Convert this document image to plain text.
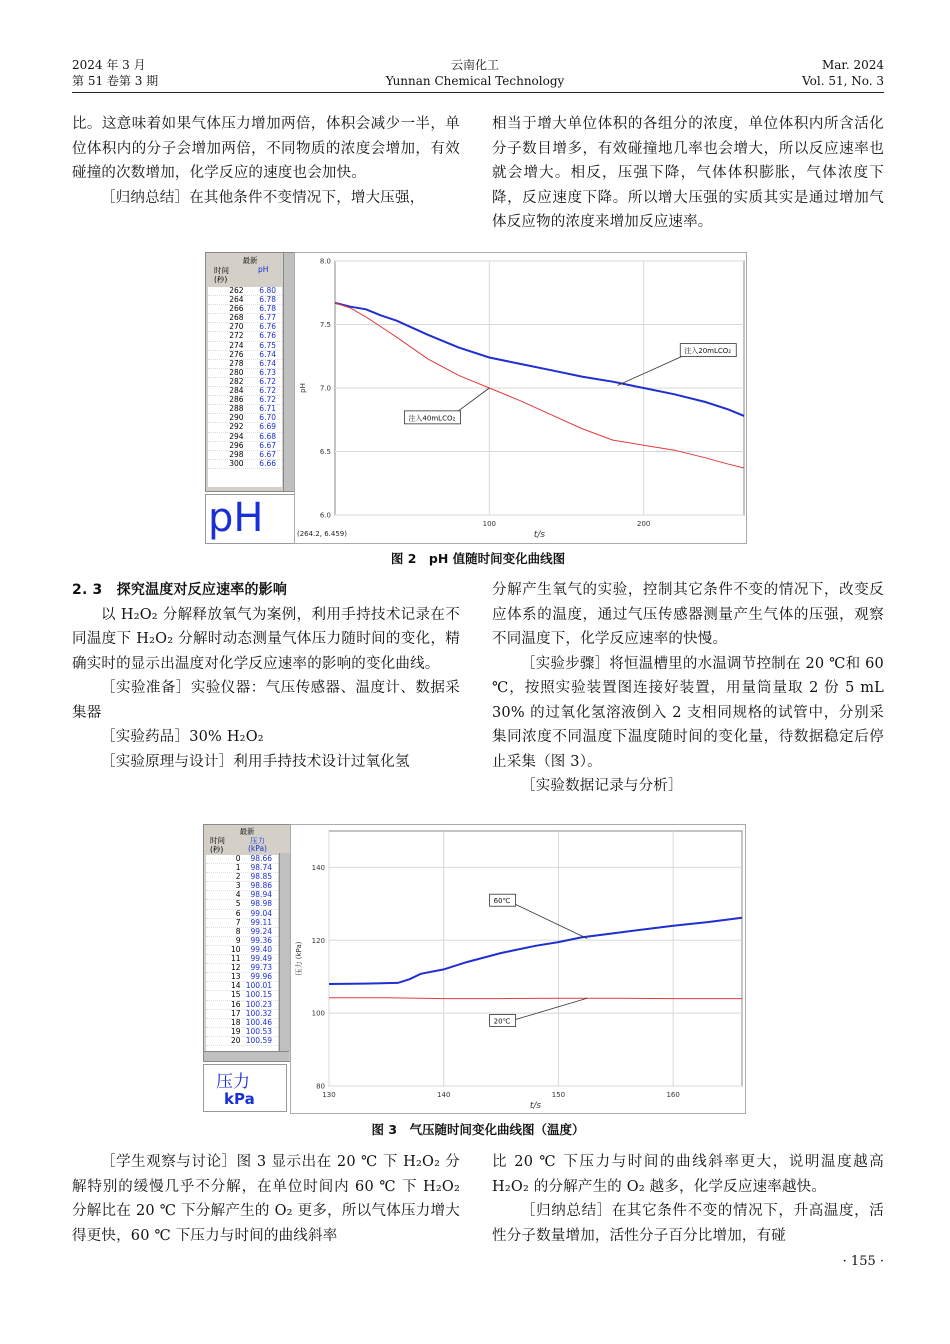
2024 年 3 月
第 51 卷第 3 期
云南化工
Yunnan Chemical Technology
Mar. 2024
Vol. 51, No. 3

比。这意味着如果气体压力增加两倍，体积会减少一半，单位体积内的分子会增加两倍，不同物质的浓度会增加，有效碰撞的次数增加，化学反应的速度也会加快。

［归纳总结］在其他条件不变情况下，增大压强，

相当于增大单位体积的各组分的浓度，单位体积内所含活化分子数目增多，有效碰撞地几率也会增大，所以反应速率也就会增大。相反，压强下降，气体体积膨胀，气体浓度下降，反应速度下降。所以增大压强的实质其实是通过增加气体反应物的浓度来增加反应速率。

最新
时间
(秒)
pH
262 6.80
264 6.78
266 6.78
268 6.77
270 6.76
272 6.76
274 6.75
276 6.74
278 6.74
280 6.73
282 6.72
284 6.72
286 6.72
288 6.71
290 6.70
292 6.69
294 6.68
296 6.67
298 6.67
300 6.66
pH	100	200
6.0
6.5
7.0
7.5
8.0
t/s
pH
注入20mLCO₂
注入40mLCO₂
(264.2, 6.459)
图 2　pH 值随时间变化曲线图

2. 3　探究温度对反应速率的影响

以 H₂O₂ 分解释放氧气为案例，利用手持技术记录在不同温度下 H₂O₂ 分解时动态测量气体压力随时间的变化，精确实时的显示出温度对化学反应速率的影响的变化曲线。

［实验准备］实验仪器：气压传感器、温度计、数据采集器

［实验药品］30% H₂O₂

［实验原理与设计］利用手持技术设计过氧化氢

分解产生氧气的实验，控制其它条件不变的情况下，改变反应体系的温度，通过气压传感器测量产生气体的压强，观察不同温度下，化学反应速率的快慢。

［实验步骤］将恒温槽里的水温调节控制在 20 ℃和 60 ℃，按照实验装置图连接好装置，用量筒量取 2 份 5 mL 30% 的过氧化氢溶液倒入 2 支相同规格的试管中，分别采集同浓度不同温度下温度随时间的变化量，待数据稳定后停止采集（图 3）。

［实验数据记录与分析］

最新
时间
(秒)
压力
(kPa)
0 98.66
1 98.74
2 98.85
3 98.86
4 98.94
5 98.98
6 99.04
7 99.11
8 99.24
9 99.36
10 99.40
11 99.49
12 99.73
13 99.96
14 100.01
15 100.15
16 100.23
17 100.32
18 100.46
19 100.53
20 100.59
压力
kPa	130	140	150	160
80
100
120
140
t/s
压力 (kPa)
60℃
20℃
图 3　气压随时间变化曲线图（温度）

［学生观察与讨论］图 3 显示出在 20 ℃ 下 H₂O₂ 分解特别的缓慢几乎不分解，在单位时间内 60 ℃ 下 H₂O₂ 分解比在 20 ℃ 下分解产生的 O₂ 更多，所以气体压力增大得更快，60 ℃ 下压力与时间的曲线斜率

比 20 ℃ 下压力与时间的曲线斜率更大，说明温度越高 H₂O₂ 的分解产生的 O₂ 越多，化学反应速率越快。

［归纳总结］在其它条件不变的情况下，升高温度，活性分子数量增加，活性分子百分比增加，有碰

· 155 ·
